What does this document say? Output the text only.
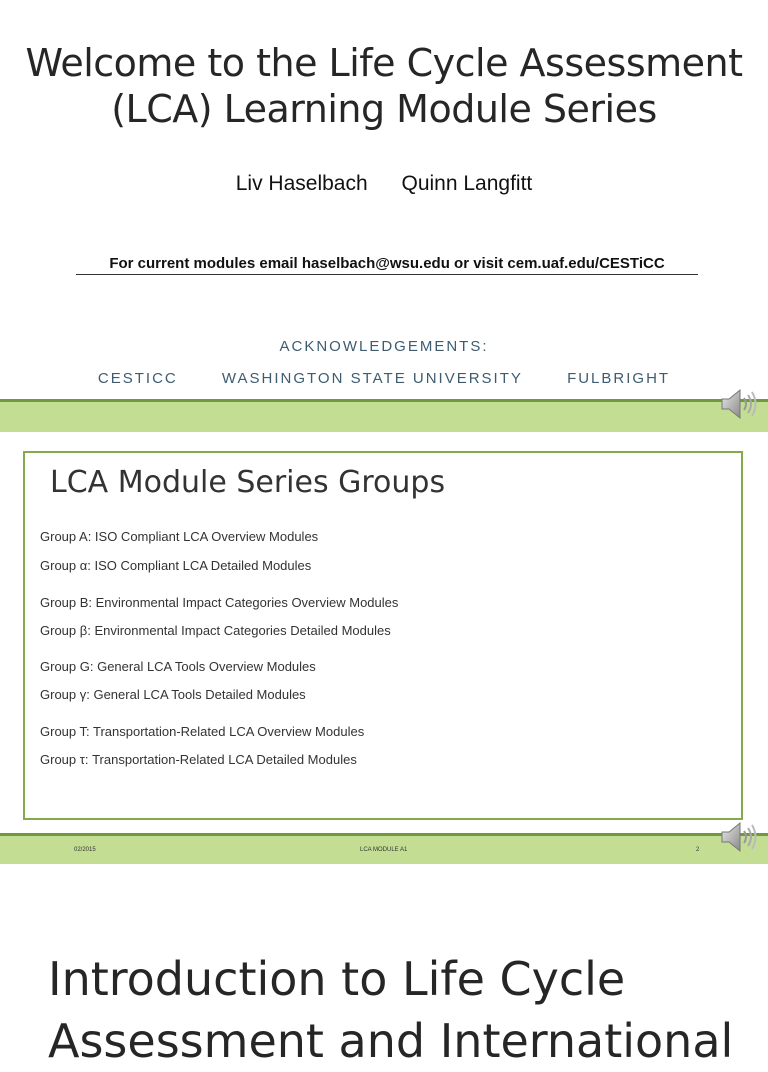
Welcome to the Life Cycle Assessment
(LCA) Learning Module Series
Liv Haselbach Quinn Langfitt
For current modules email haselbach@wsu.edu or visit cem.uaf.edu/CESTiCC
ACKNOWLEDGEMENTS:
CESTICC	WASHINGTON STATE UNIVERSITY	FULBRIGHT
LCA Module Series Groups
Group A: ISO Compliant LCA Overview Modules
Group α: ISO Compliant LCA Detailed Modules
Group B: Environmental Impact Categories Overview Modules
Group β: Environmental Impact Categories Detailed Modules
Group G: General LCA Tools Overview Modules
Group γ: General LCA Tools Detailed Modules
Group T: Transportation-Related LCA Overview Modules
Group τ: Transportation-Related LCA Detailed Modules
02/2015	LCA MODULE A1	2
Introduction to Life Cycle
Assessment and International
